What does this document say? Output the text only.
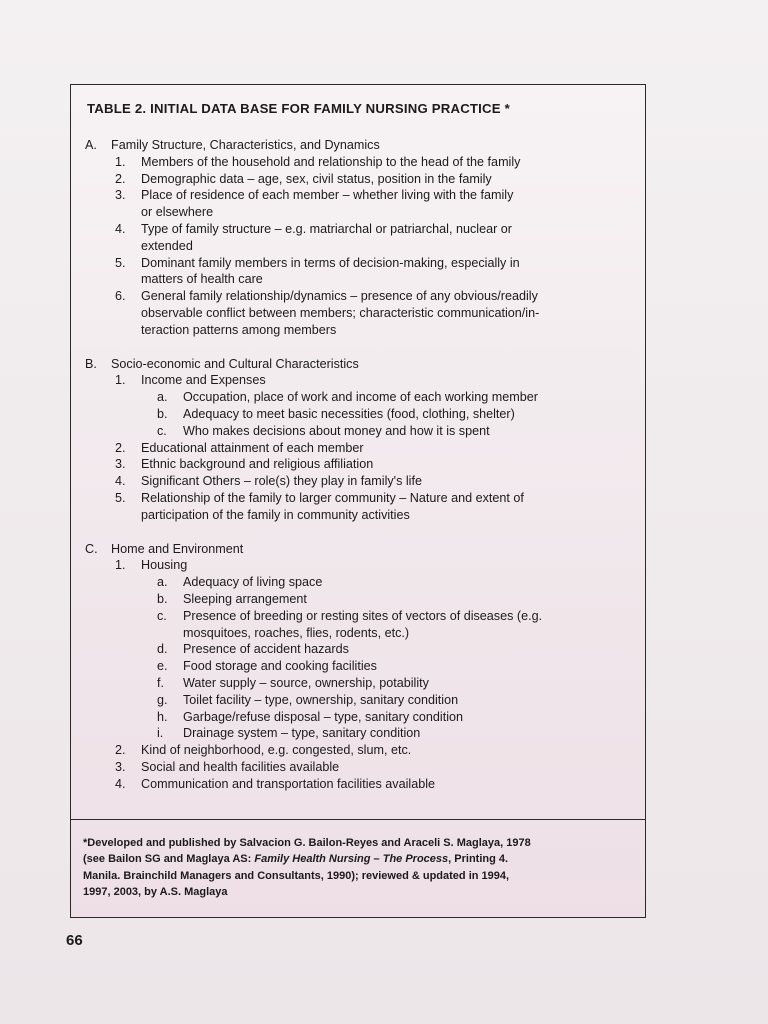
TABLE 2. INITIAL DATA BASE FOR FAMILY NURSING PRACTICE *
A. Family Structure, Characteristics, and Dynamics
1. Members of the household and relationship to the head of the family
2. Demographic data – age, sex, civil status, position in the family
3. Place of residence of each member – whether living with the family
or elsewhere
4. Type of family structure – e.g. matriarchal or patriarchal, nuclear or
extended
5. Dominant family members in terms of decision-making, especially in
matters of health care
6. General family relationship/dynamics – presence of any obvious/readily
observable conflict between members; characteristic communication/in-
teraction patterns among members
B. Socio-economic and Cultural Characteristics
1. Income and Expenses
a. Occupation, place of work and income of each working member
b. Adequacy to meet basic necessities (food, clothing, shelter)
c. Who makes decisions about money and how it is spent
2. Educational attainment of each member
3. Ethnic background and religious affiliation
4. Significant Others – role(s) they play in family's life
5. Relationship of the family to larger community – Nature and extent of
participation of the family in community activities
C. Home and Environment
1. Housing
a. Adequacy of living space
b. Sleeping arrangement
c. Presence of breeding or resting sites of vectors of diseases (e.g.
mosquitoes, roaches, flies, rodents, etc.)
d. Presence of accident hazards
e. Food storage and cooking facilities
f. Water supply – source, ownership, potability
g. Toilet facility – type, ownership, sanitary condition
h. Garbage/refuse disposal – type, sanitary condition
i. Drainage system – type, sanitary condition
2. Kind of neighborhood, e.g. congested, slum, etc.
3. Social and health facilities available
4. Communication and transportation facilities available
*Developed and published by Salvacion G. Bailon-Reyes and Araceli S. Maglaya, 1978
(see Bailon SG and Maglaya AS: Family Health Nursing – The Process, Printing 4.
Manila. Brainchild Managers and Consultants, 1990); reviewed & updated in 1994,
1997, 2003, by A.S. Maglaya
66
